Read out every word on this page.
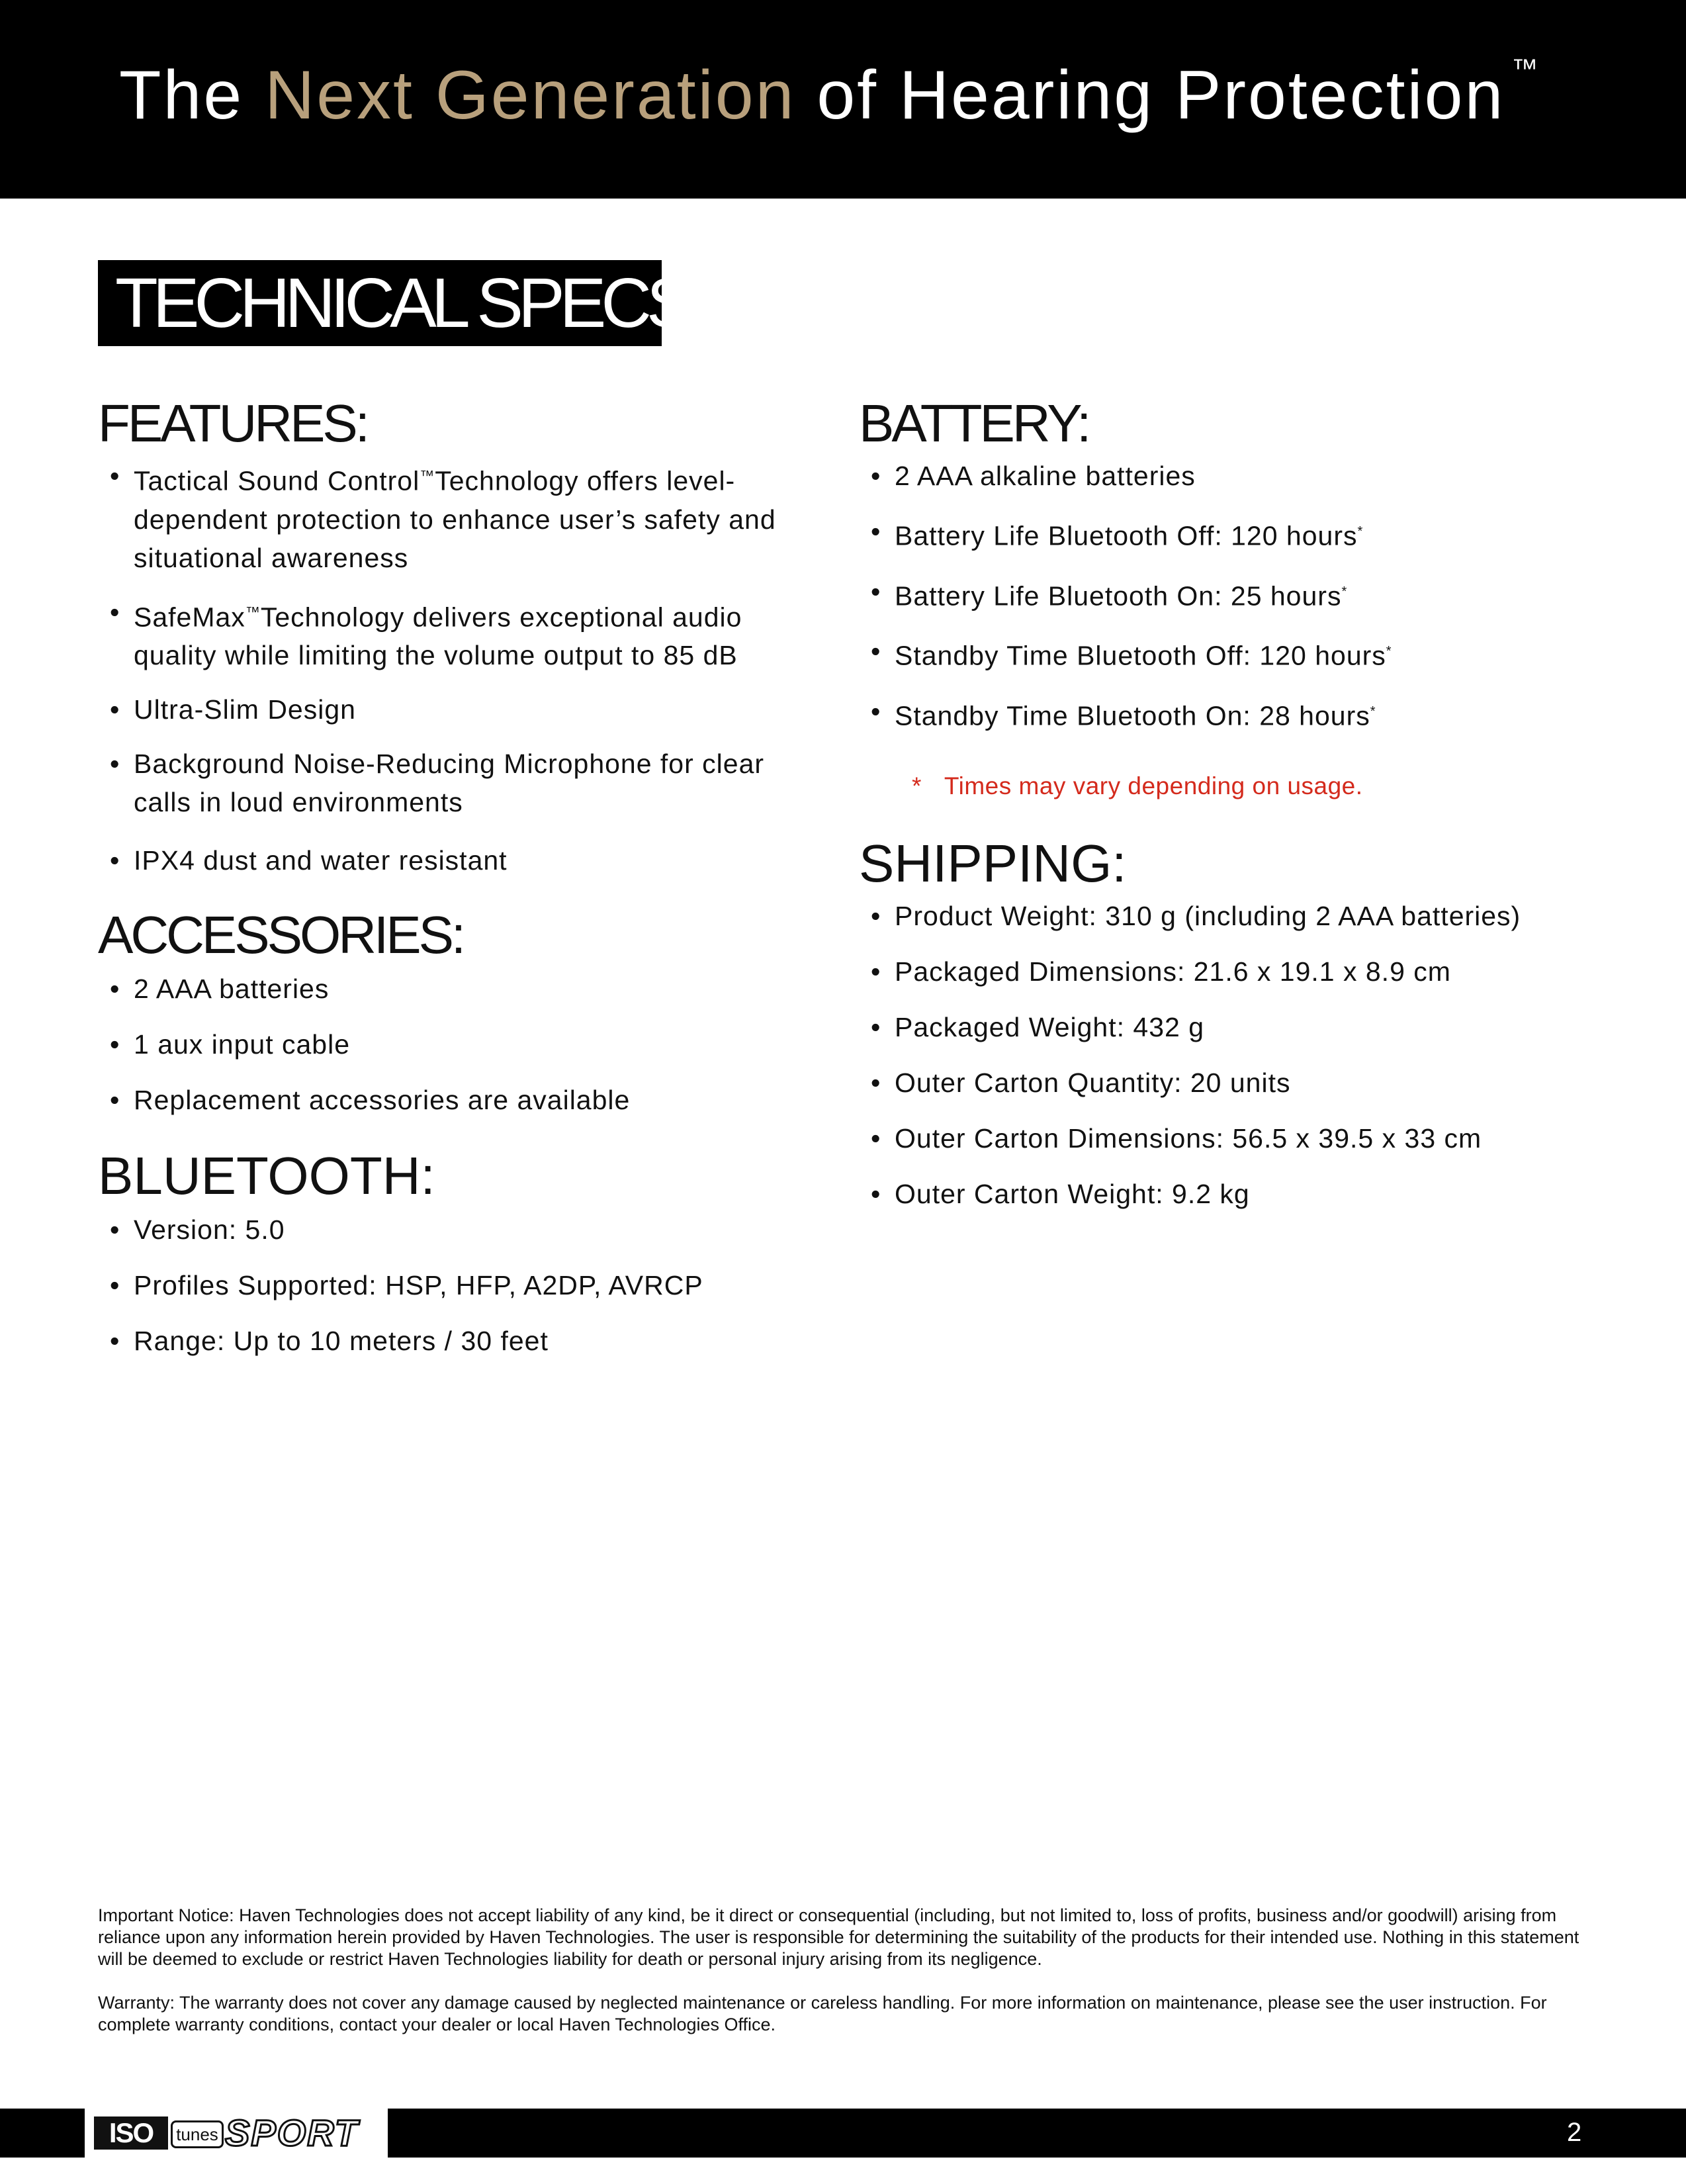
The Next Generation of Hearing Protection ™
TECHNICAL SPECS
FEATURES:
• Tactical Sound Control™Technology offers level-dependent protection to enhance user’s safety and situational awareness
• SafeMax™Technology delivers exceptional audio quality while limiting the volume output to 85 dB
• Ultra-Slim Design
• Background Noise-Reducing Microphone for clear calls in loud environments
• IPX4 dust and water resistant
ACCESSORIES:
• 2 AAA batteries
• 1 aux input cable
• Replacement accessories are available
BLUETOOTH:
• Version: 5.0
• Profiles Supported: HSP, HFP, A2DP, AVRCP
• Range: Up to 10 meters / 30 feet
BATTERY:
• 2 AAA alkaline batteries
• Battery Life Bluetooth Off: 120 hours*
• Battery Life Bluetooth On: 25 hours*
• Standby Time Bluetooth Off: 120 hours*
• Standby Time Bluetooth On: 28 hours*
* Times may vary depending on usage.
SHIPPING:
• Product Weight: 310 g (including 2 AAA batteries)
• Packaged Dimensions: 21.6 x 19.1 x 8.9 cm
• Packaged Weight: 432 g
• Outer Carton Quantity: 20 units
• Outer Carton Dimensions: 56.5 x 39.5 x 33 cm
• Outer Carton Weight: 9.2 kg

Important Notice: Haven Technologies does not accept liability of any kind, be it direct or consequential (including, but not limited to, loss of profits, business and/or goodwill) arising from reliance upon any information herein provided by Haven Technologies. The user is responsible for determining the suitability of the products for their intended use. Nothing in this statement will be deemed to exclude or restrict Haven Technologies liability for death or personal injury arising from its negligence.

Warranty: The warranty does not cover any damage caused by neglected maintenance or careless handling. For more information on maintenance, please see the user instruction. For complete warranty conditions, contact your dealer or local Haven Technologies Office.

ISO	tunes SPORT	2
